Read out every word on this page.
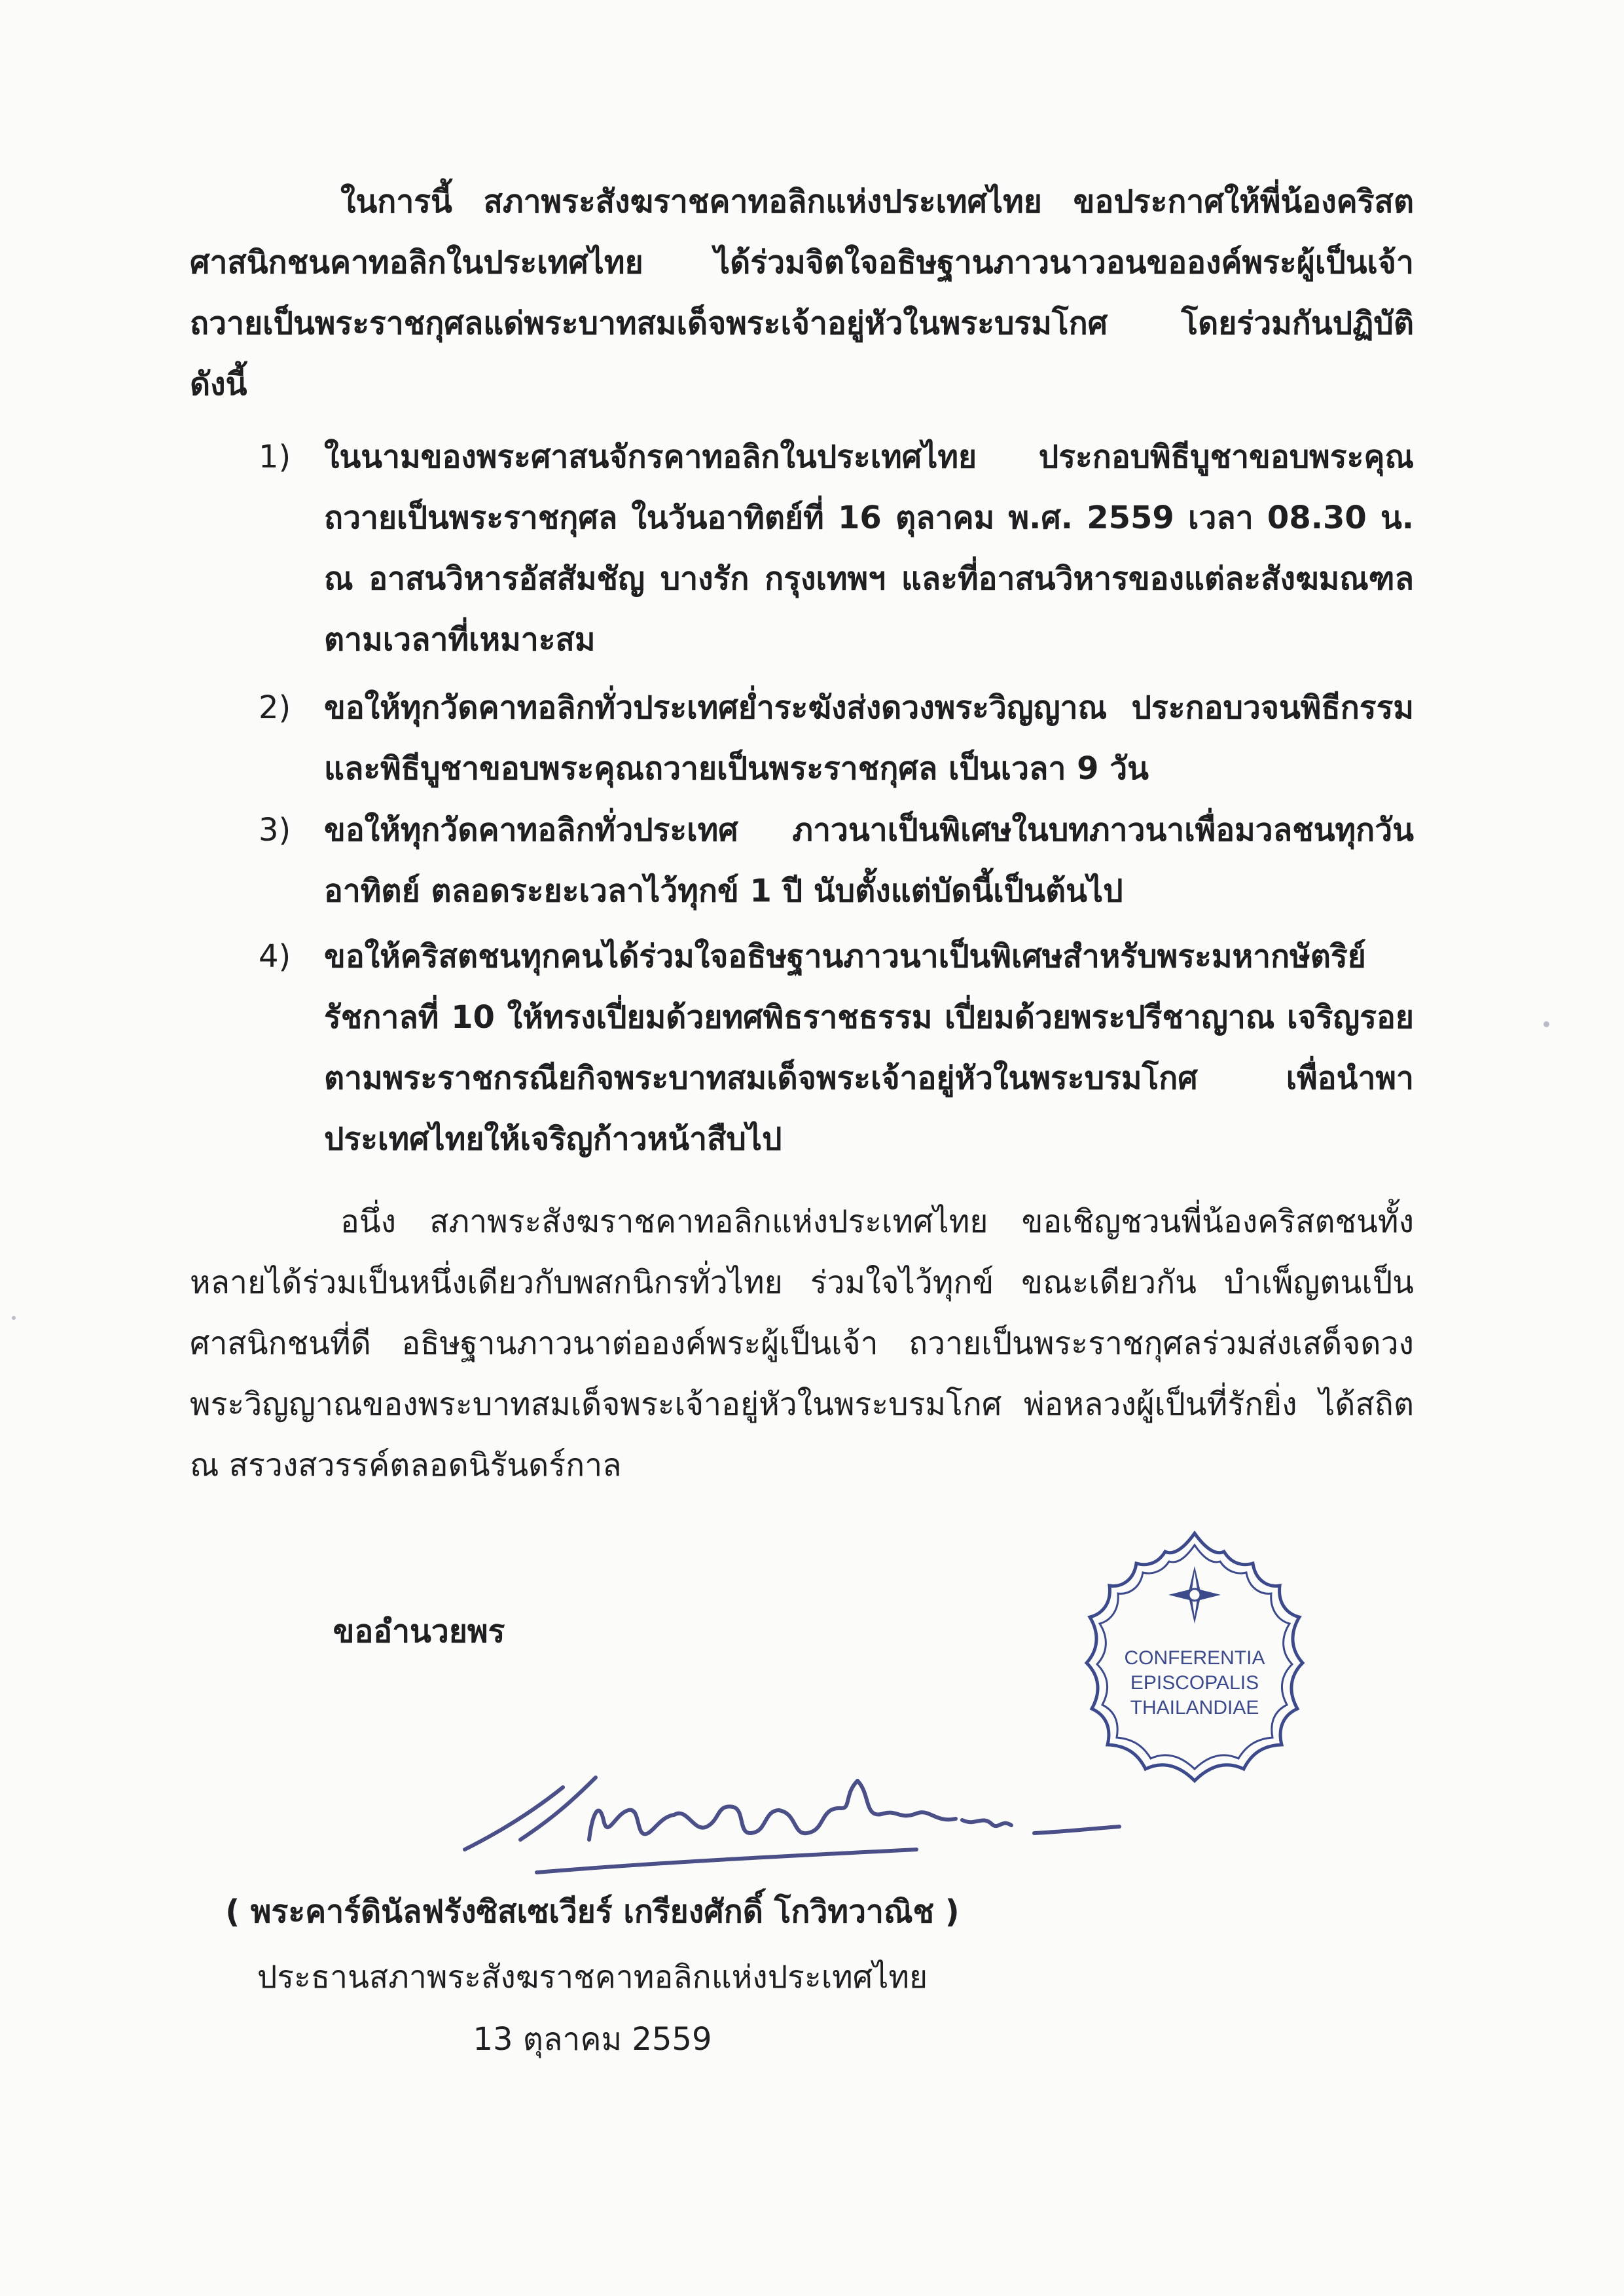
ในการนี้ สภาพระสังฆราชคาทอลิกแห่งประเทศไทย ขอประกาศให้พี่น้องคริสตศาสนิกชนคาทอลิกในประเทศไทย ได้ร่วมจิตใจอธิษฐานภาวนาวอนขอองค์พระผู้เป็นเจ้า ถวายเป็นพระราชกุศลแด่พระบาทสมเด็จพระเจ้าอยู่หัวในพระบรมโกศ โดยร่วมกันปฏิบัติ ดังนี้

1)	ในนามของพระศาสนจักรคาทอลิกในประเทศไทย ประกอบพิธีบูชาขอบพระคุณถวายเป็นพระราชกุศล ในวันอาทิตย์ที่ 16 ตุลาคม พ.ศ. 2559 เวลา 08.30 น. ณ อาสนวิหารอัสสัมชัญ บางรัก กรุงเทพฯ และที่อาสนวิหารของแต่ละสังฆมณฑล ตามเวลาที่เหมาะสม

2)	ขอให้ทุกวัดคาทอลิกทั่วประเทศย่ำระฆังส่งดวงพระวิญญาณ ประกอบวจนพิธีกรรม และพิธีบูชาขอบพระคุณถวายเป็นพระราชกุศล เป็นเวลา 9 วัน

3)	ขอให้ทุกวัดคาทอลิกทั่วประเทศ ภาวนาเป็นพิเศษในบทภาวนาเพื่อมวลชนทุกวันอาทิตย์ ตลอดระยะเวลาไว้ทุกข์ 1 ปี นับตั้งแต่บัดนี้เป็นต้นไป

4)	ขอให้คริสตชนทุกคนได้ร่วมใจอธิษฐานภาวนาเป็นพิเศษสำหรับพระมหากษัตริย์ รัชกาลที่ 10 ให้ทรงเปี่ยมด้วยทศพิธราชธรรม เปี่ยมด้วยพระปรีชาญาณ เจริญรอยตามพระราชกรณียกิจพระบาทสมเด็จพระเจ้าอยู่หัวในพระบรมโกศ เพื่อนำพาประเทศไทยให้เจริญก้าวหน้าสืบไป

อนึ่ง สภาพระสังฆราชคาทอลิกแห่งประเทศไทย ขอเชิญชวนพี่น้องคริสตชนทั้งหลายได้ร่วมเป็นหนึ่งเดียวกับพสกนิกรทั่วไทย ร่วมใจไว้ทุกข์ ขณะเดียวกัน บำเพ็ญตนเป็นศาสนิกชนที่ดี อธิษฐานภาวนาต่อองค์พระผู้เป็นเจ้า ถวายเป็นพระราชกุศลร่วมส่งเสด็จดวงพระวิญญาณของพระบาทสมเด็จพระเจ้าอยู่หัวในพระบรมโกศ พ่อหลวงผู้เป็นที่รักยิ่ง ได้สถิต ณ สรวงสวรรค์ตลอดนิรันดร์กาล

ขออำนวยพร

CONFERENTIA
EPISCOPALIS
THAILANDIAE

( พระคาร์ดินัลฟรังซิสเซเวียร์ เกรียงศักดิ์ โกวิทวาณิช )

ประธานสภาพระสังฆราชคาทอลิกแห่งประเทศไทย

13 ตุลาคม 2559
